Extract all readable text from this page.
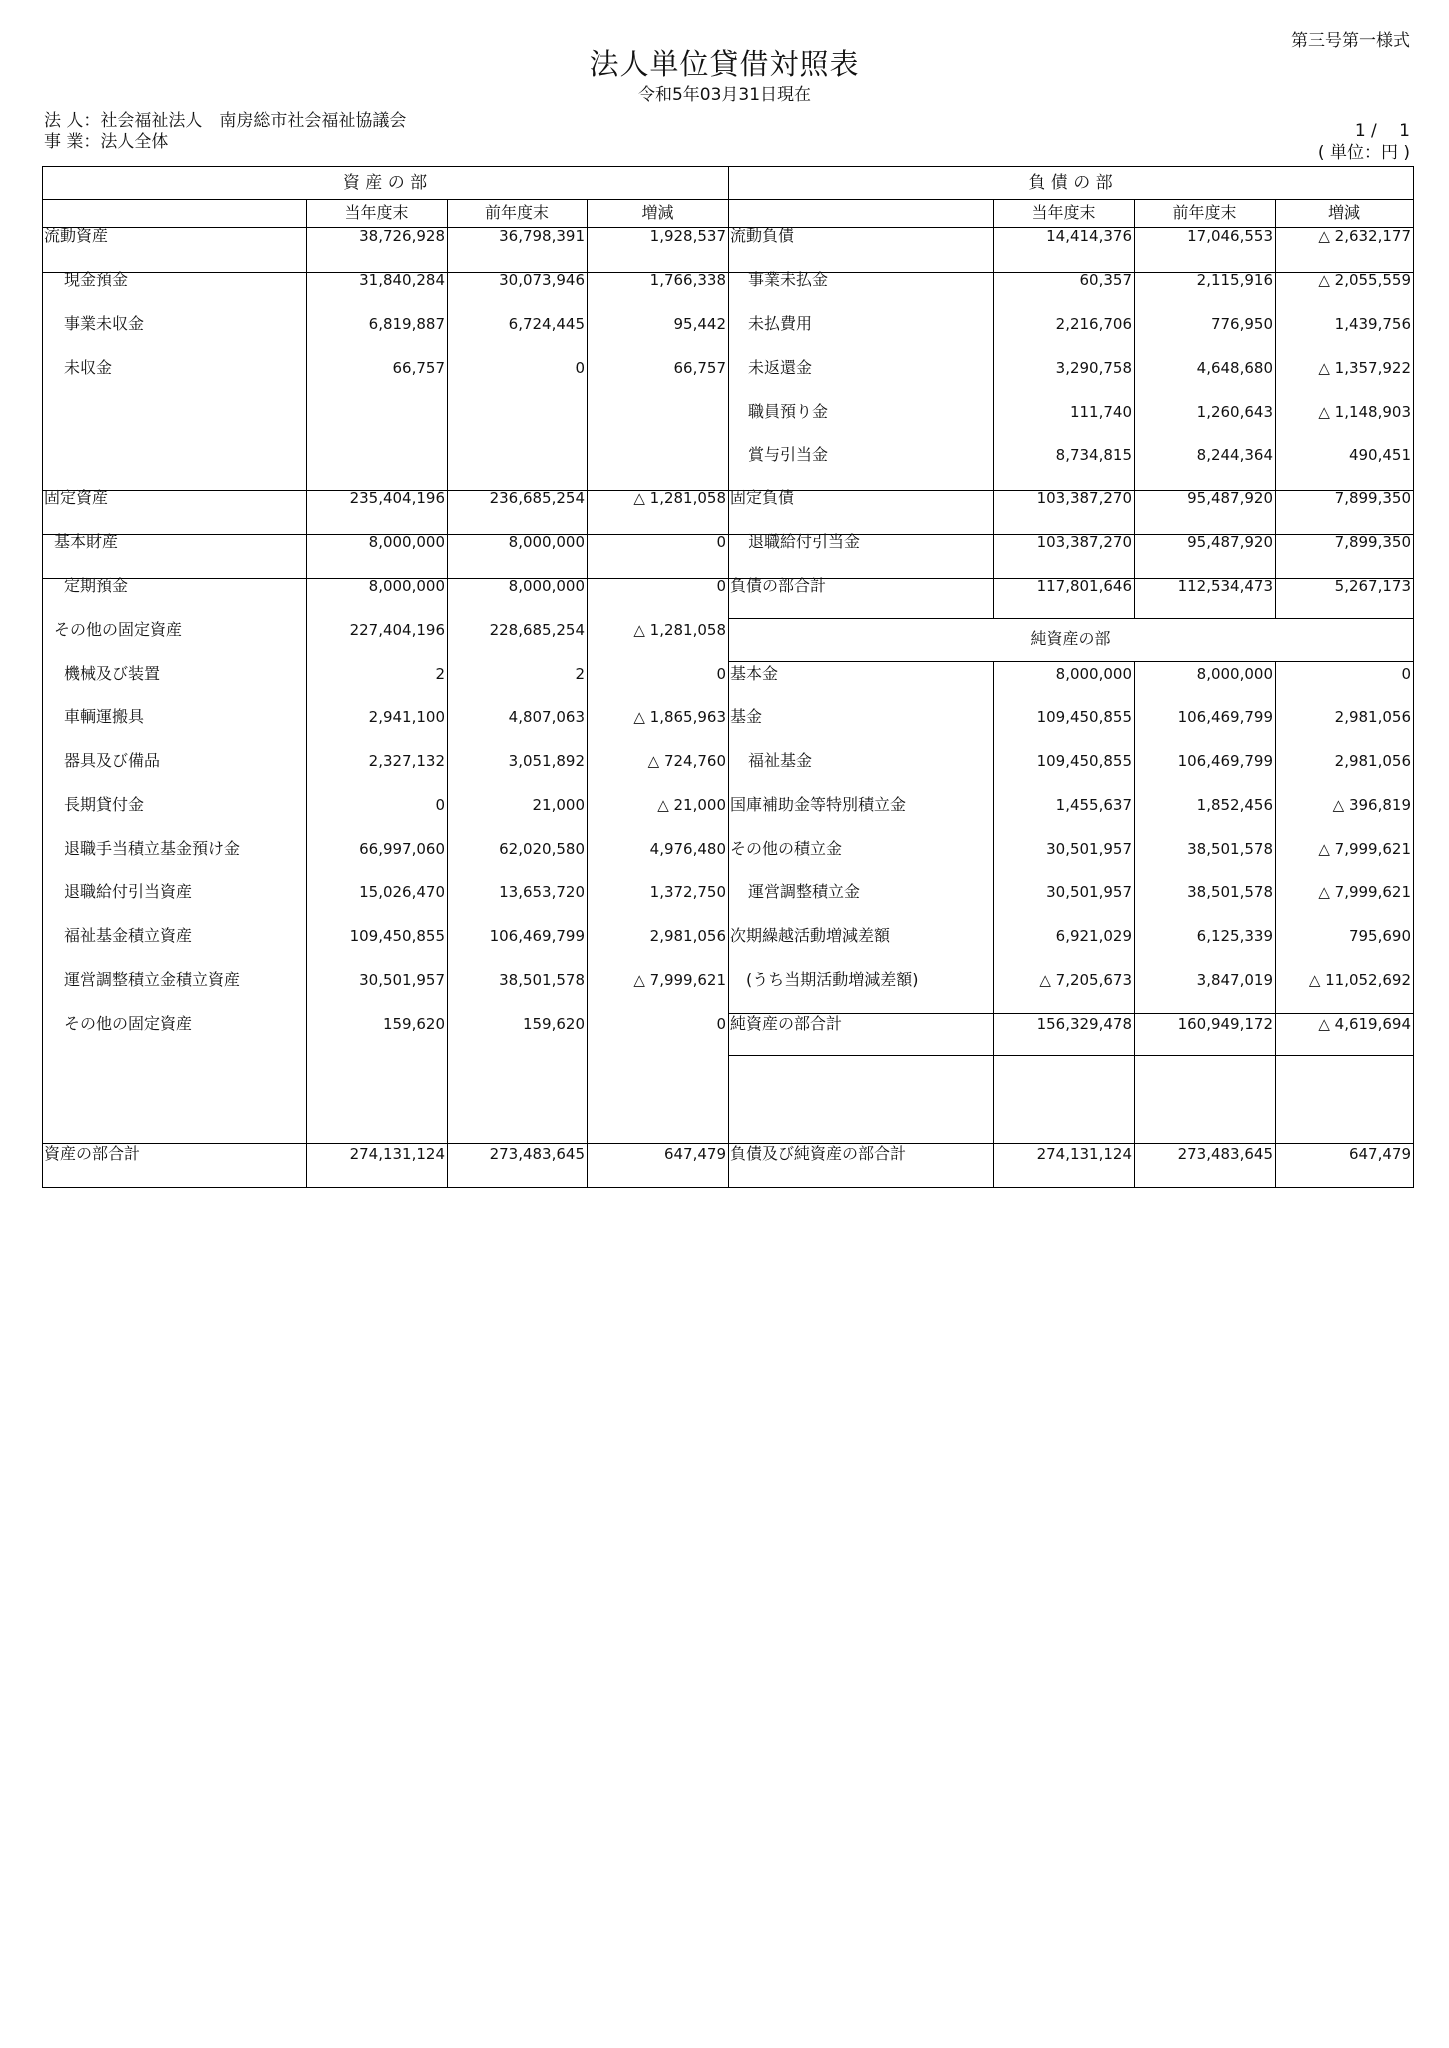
第三号第一様式
法人単位貸借対照表
令和5年03月31日現在
法 人：社会福祉法人　南房総市社会福祉協議会
事 業：法人全体
1 /　 1
( 単位：円 )
資 産 の 部	負 債 の 部
当年度末	前年度末	増減	当年度末	前年度末	増減
純資産の部
流動資産	38,726,928	36,798,391	1,928,537
現金預金	31,840,284	30,073,946	1,766,338
事業未収金	6,819,887	6,724,445	95,442
未収金	66,757	0	66,757
固定資産	235,404,196	236,685,254	△ 1,281,058
基本財産	8,000,000	8,000,000	0
定期預金	8,000,000	8,000,000	0
その他の固定資産	227,404,196	228,685,254	△ 1,281,058
機械及び装置	2	2	0
車輌運搬具	2,941,100	4,807,063	△ 1,865,963
器具及び備品	2,327,132	3,051,892	△ 724,760
長期貸付金	0	21,000	△ 21,000
退職手当積立基金預け金	66,997,060	62,020,580	4,976,480
退職給付引当資産	15,026,470	13,653,720	1,372,750
福祉基金積立資産	109,450,855	106,469,799	2,981,056
運営調整積立金積立資産	30,501,957	38,501,578	△ 7,999,621
その他の固定資産	159,620	159,620	0
資産の部合計	274,131,124	273,483,645	647,479
流動負債	14,414,376	17,046,553	△ 2,632,177
事業未払金	60,357	2,115,916	△ 2,055,559
未払費用	2,216,706	776,950	1,439,756
未返還金	3,290,758	4,648,680	△ 1,357,922
職員預り金	111,740	1,260,643	△ 1,148,903
賞与引当金	8,734,815	8,244,364	490,451
固定負債	103,387,270	95,487,920	7,899,350
退職給付引当金	103,387,270	95,487,920	7,899,350
負債の部合計	117,801,646	112,534,473	5,267,173
基本金	8,000,000	8,000,000	0
基金	109,450,855	106,469,799	2,981,056
福祉基金	109,450,855	106,469,799	2,981,056
国庫補助金等特別積立金	1,455,637	1,852,456	△ 396,819
その他の積立金	30,501,957	38,501,578	△ 7,999,621
運営調整積立金	30,501,957	38,501,578	△ 7,999,621
次期繰越活動増減差額	6,921,029	6,125,339	795,690
(うち当期活動増減差額)	△ 7,205,673	3,847,019	△ 11,052,692
純資産の部合計	156,329,478	160,949,172	△ 4,619,694
負債及び純資産の部合計	274,131,124	273,483,645	647,479
